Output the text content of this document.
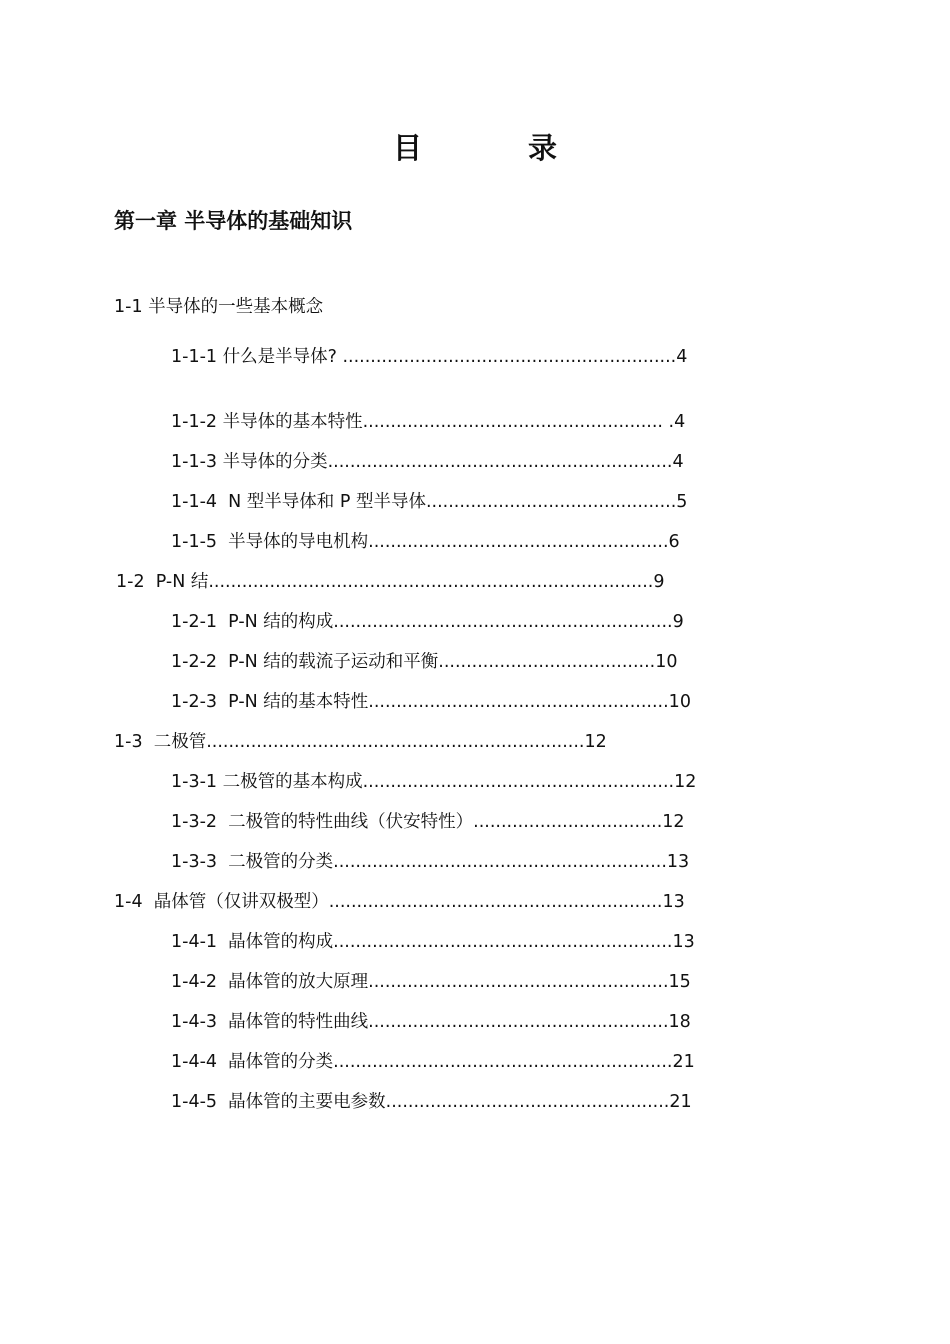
目 录
第一章 半导体的基础知识
1-1 半导体的一些基本概念
1-1-1 什么是半导体? ............................................................4
1-1-2 半导体的基本特性...................................................... .4
1-1-3 半导体的分类..............................................................4
1-1-4  N 型半导体和 P 型半导体.............................................5
1-1-5  半导体的导电机构......................................................6
1-2  P-N 结................................................................................9
1-2-1  P-N 结的构成.............................................................9
1-2-2  P-N 结的载流子运动和平衡.......................................10
1-2-3  P-N 结的基本特性......................................................10
1-3  二极管....................................................................12
1-3-1 二极管的基本构成........................................................12
1-3-2  二极管的特性曲线（伏安特性）..................................12
1-3-3  二极管的分类............................................................13
1-4  晶体管（仅讲双极型）............................................................13
1-4-1  晶体管的构成.............................................................13
1-4-2  晶体管的放大原理......................................................15
1-4-3  晶体管的特性曲线......................................................18
1-4-4  晶体管的分类.............................................................21
1-4-5  晶体管的主要电参数...................................................21
